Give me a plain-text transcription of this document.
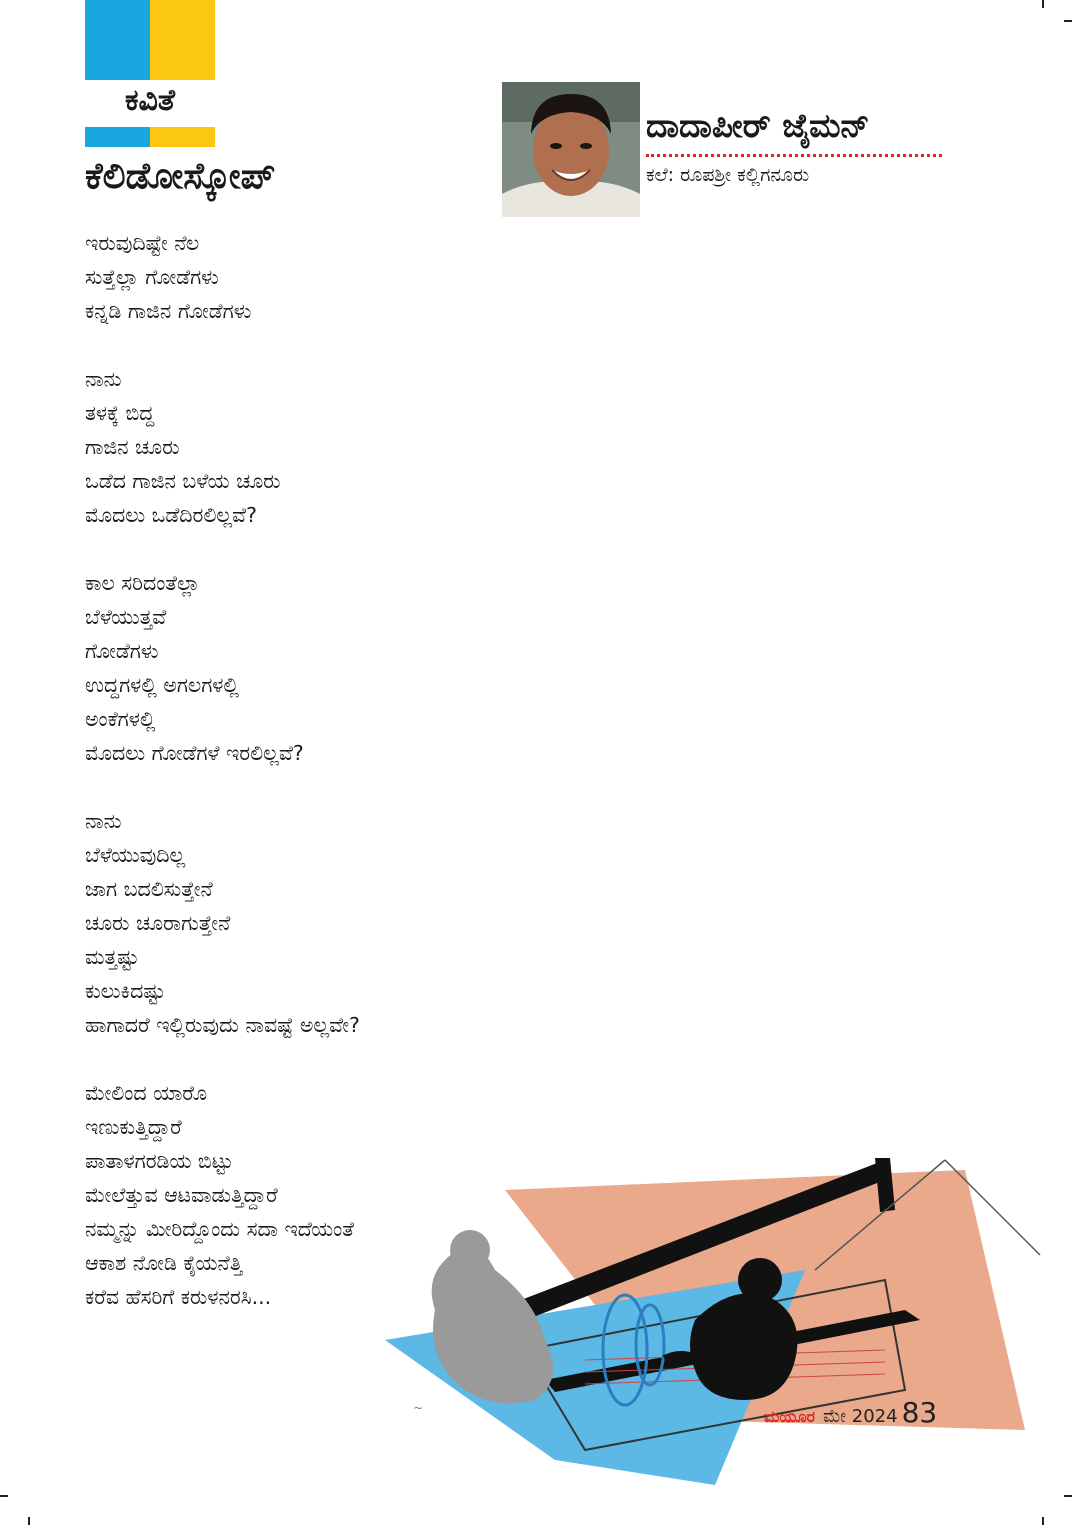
ಕವಿತೆ
ಕೆಲಿಡೋಸ್ಕೋಪ್
ದಾದಾಪೀರ್ ಜೈಮನ್
ಕಲೆ: ರೂಪಶ್ರೀ ಕಲ್ಲಿಗನೂರು
ಇರುವುದಿಷ್ಟೇ ನೆಲ
ಸುತ್ತೆಲ್ಲಾ ಗೋಡೆಗಳು
ಕನ್ನಡಿ ಗಾಜಿನ ಗೋಡೆಗಳು
ನಾನು
ತಳಕ್ಕೆ ಬಿದ್ದ
ಗಾಜಿನ ಚೂರು
ಒಡೆದ ಗಾಜಿನ ಬಳೆಯ ಚೂರು
ಮೊದಲು ಒಡೆದಿರಲಿಲ್ಲವೆ?
ಕಾಲ ಸರಿದಂತೆಲ್ಲಾ
ಬೆಳೆಯುತ್ತವೆ
ಗೋಡೆಗಳು
ಉದ್ದಗಳಲ್ಲಿ ಅಗಲಗಳಲ್ಲಿ
ಅಂಕೆಗಳಲ್ಲಿ
ಮೊದಲು ಗೋಡೆಗಳೆ ಇರಲಿಲ್ಲವೆ?
ನಾನು
ಬೆಳೆಯುವುದಿಲ್ಲ
ಜಾಗ ಬದಲಿಸುತ್ತೇನೆ
ಚೂರು ಚೂರಾಗುತ್ತೇನೆ
ಮತ್ತಷ್ಟು
ಕುಲುಕಿದಷ್ಟು
ಹಾಗಾದರೆ ಇಲ್ಲಿರುವುದು ನಾವಷ್ಟೆ ಅಲ್ಲವೇ?
ಮೇಲಿಂದ ಯಾರೊ
ಇಣುಕುತ್ತಿದ್ದಾರೆ
ಪಾತಾಳಗರಡಿಯ ಬಿಟ್ಟು
ಮೇಲೆತ್ತುವ ಆಟವಾಡುತ್ತಿದ್ದಾರೆ
ನಮ್ಮನ್ನು ಮೀರಿದ್ದೊಂದು ಸದಾ ಇದೆಯಂತೆ
ಆಕಾಶ ನೋಡಿ ಕೈಯನೆತ್ತಿ
ಕರೆವ ಹೆಸರಿಗೆ ಕರುಳನರಸಿ...
~	ಮಯೂರ ಮೇ 2024 83
